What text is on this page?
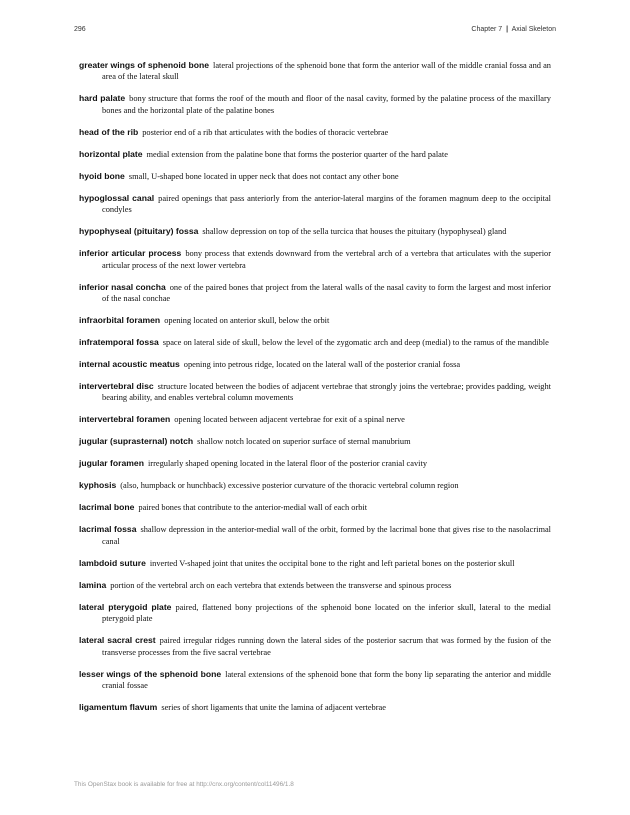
296	Chapter 7 | Axial Skeleton

greater wings of sphenoid bone lateral projections of the sphenoid bone that form the anterior wall of the middle cranial fossa and an area of the lateral skull

hard palate bony structure that forms the roof of the mouth and floor of the nasal cavity, formed by the palatine process of the maxillary bones and the horizontal plate of the palatine bones

head of the rib posterior end of a rib that articulates with the bodies of thoracic vertebrae

horizontal plate medial extension from the palatine bone that forms the posterior quarter of the hard palate

hyoid bone small, U-shaped bone located in upper neck that does not contact any other bone

hypoglossal canal paired openings that pass anteriorly from the anterior-lateral margins of the foramen magnum deep to the occipital condyles

hypophyseal (pituitary) fossa shallow depression on top of the sella turcica that houses the pituitary (hypophyseal) gland

inferior articular process bony process that extends downward from the vertebral arch of a vertebra that articulates with the superior articular process of the next lower vertebra

inferior nasal concha one of the paired bones that project from the lateral walls of the nasal cavity to form the largest and most inferior of the nasal conchae

infraorbital foramen opening located on anterior skull, below the orbit

infratemporal fossa space on lateral side of skull, below the level of the zygomatic arch and deep (medial) to the ramus of the mandible

internal acoustic meatus opening into petrous ridge, located on the lateral wall of the posterior cranial fossa

intervertebral disc structure located between the bodies of adjacent vertebrae that strongly joins the vertebrae; provides padding, weight bearing ability, and enables vertebral column movements

intervertebral foramen opening located between adjacent vertebrae for exit of a spinal nerve

jugular (suprasternal) notch shallow notch located on superior surface of sternal manubrium

jugular foramen irregularly shaped opening located in the lateral floor of the posterior cranial cavity

kyphosis (also, humpback or hunchback) excessive posterior curvature of the thoracic vertebral column region

lacrimal bone paired bones that contribute to the anterior-medial wall of each orbit

lacrimal fossa shallow depression in the anterior-medial wall of the orbit, formed by the lacrimal bone that gives rise to the nasolacrimal canal

lambdoid suture inverted V-shaped joint that unites the occipital bone to the right and left parietal bones on the posterior skull

lamina portion of the vertebral arch on each vertebra that extends between the transverse and spinous process

lateral pterygoid plate paired, flattened bony projections of the sphenoid bone located on the inferior skull, lateral to the medial pterygoid plate

lateral sacral crest paired irregular ridges running down the lateral sides of the posterior sacrum that was formed by the fusion of the transverse processes from the five sacral vertebrae

lesser wings of the sphenoid bone lateral extensions of the sphenoid bone that form the bony lip separating the anterior and middle cranial fossae

ligamentum flavum series of short ligaments that unite the lamina of adjacent vertebrae

This OpenStax book is available for free at http://cnx.org/content/col11496/1.8
